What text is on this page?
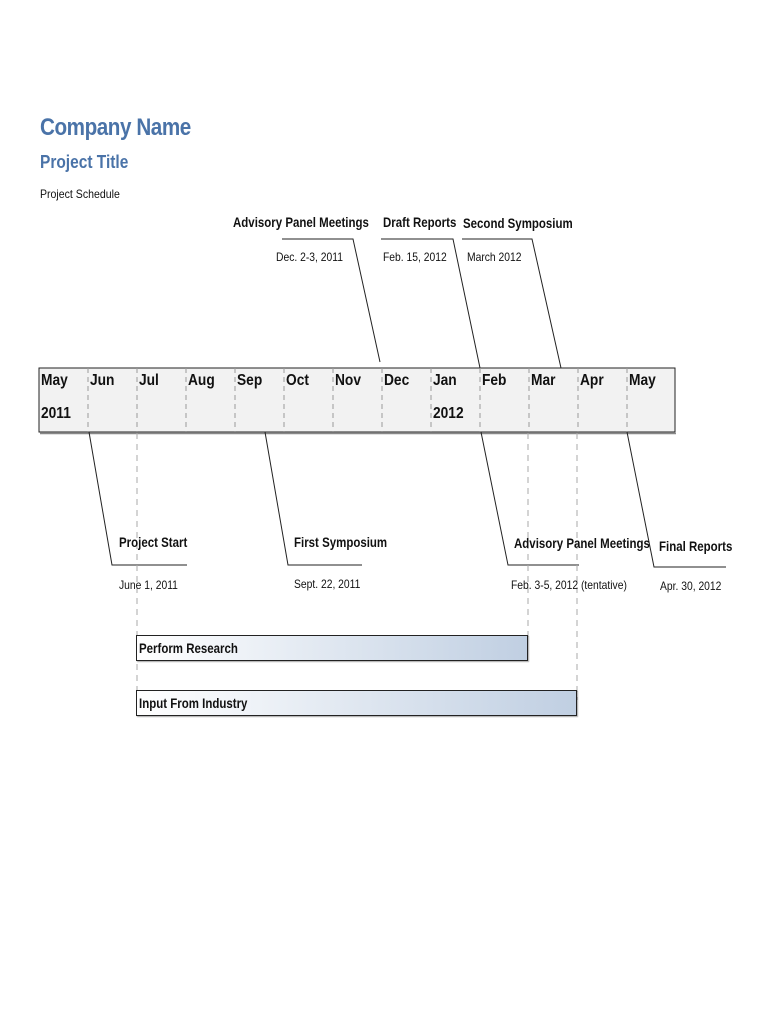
Company Name
Project Title
Project Schedule
May Jun Jul Aug Sep Oct Nov Dec Jan Feb Mar Apr May
2011	2012
Advisory Panel Meetings
Dec. 2-3, 2011
Draft Reports
Feb. 15, 2012
Second Symposium
March 2012
Project Start
June 1, 2011
First Symposium
Sept. 22, 2011
Advisory Panel Meetings
Feb. 3-5, 2012 (tentative)
Final Reports
Apr. 30, 2012
Perform Research
Input From Industry
